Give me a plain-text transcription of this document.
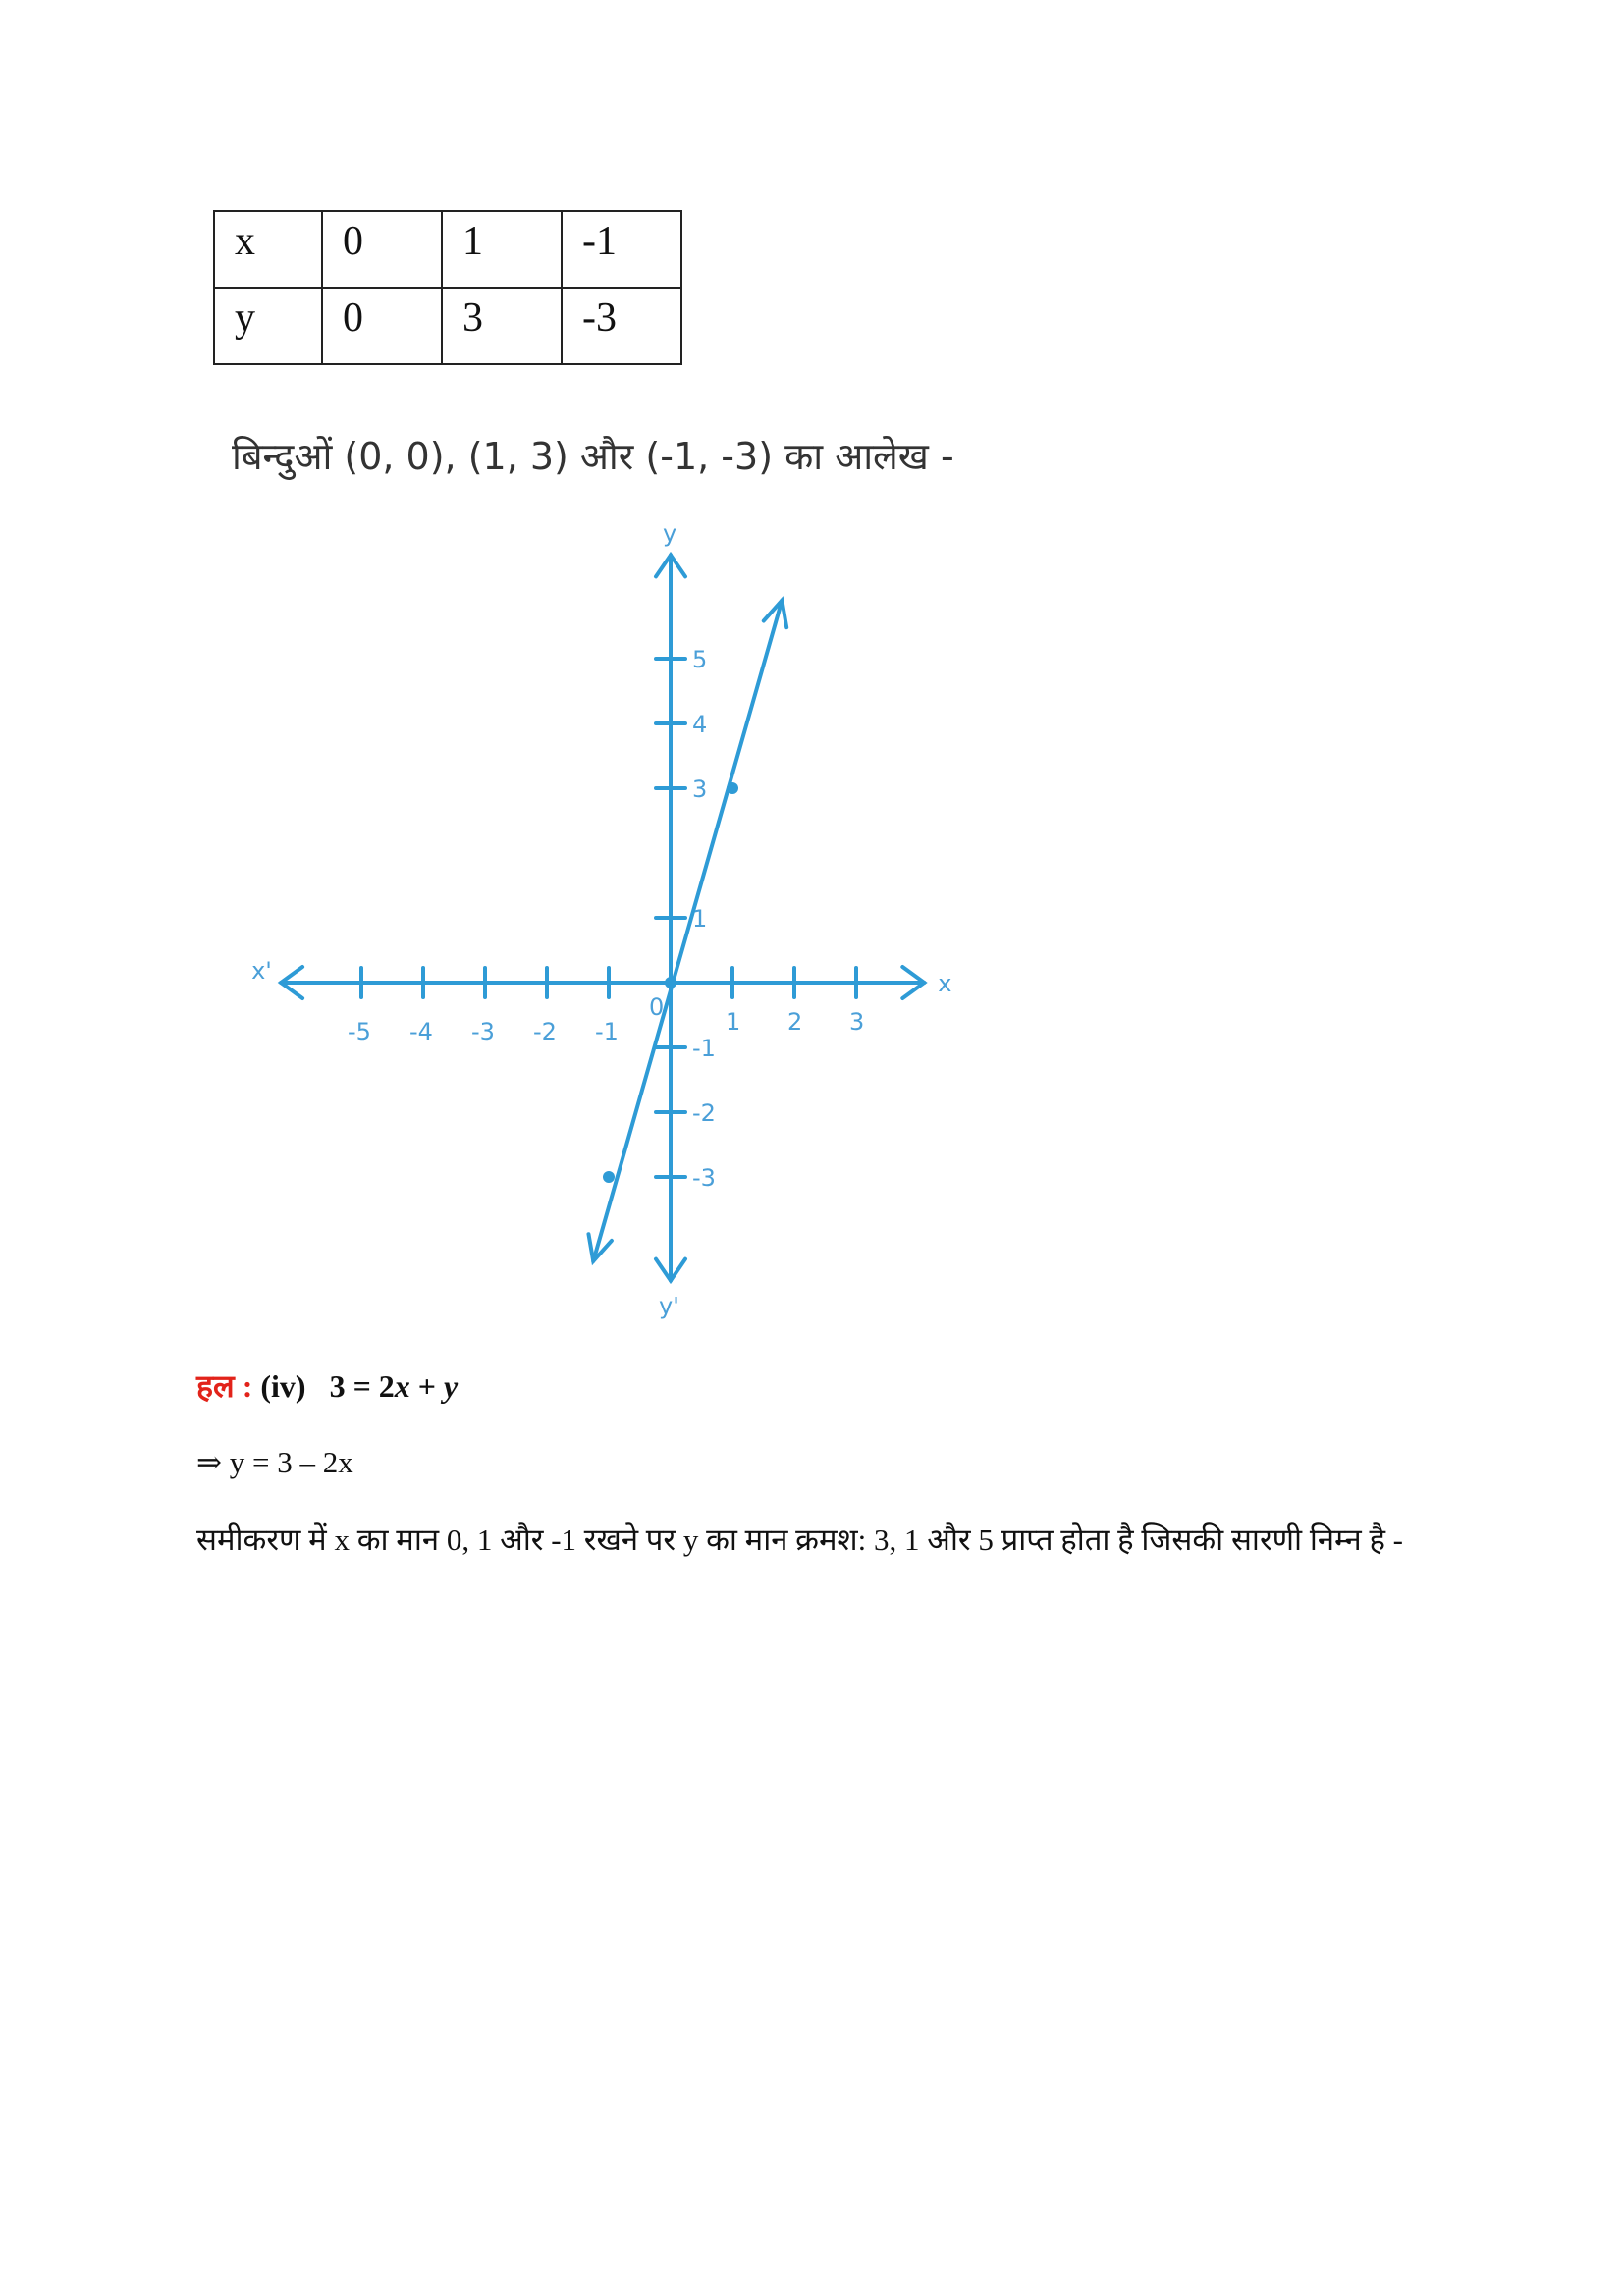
x	0	1	-1
y	0	3	-3
बिन्दुओं (0, 0), (1, 3) और (-1, -3) का आलेख -
x
x'
y
y'
0
-5 -4 -3 -2 -1	1 2 3
-3
-2
-1
1
3
4
5
हल : (iv) 3 = 2x + y
⇒ y = 3 – 2x
समीकरण में x का मान 0, 1 और -1 रखने पर y का मान क्रमश: 3, 1 और 5 प्राप्त होता है जिसकी सारणी निम्न है -
